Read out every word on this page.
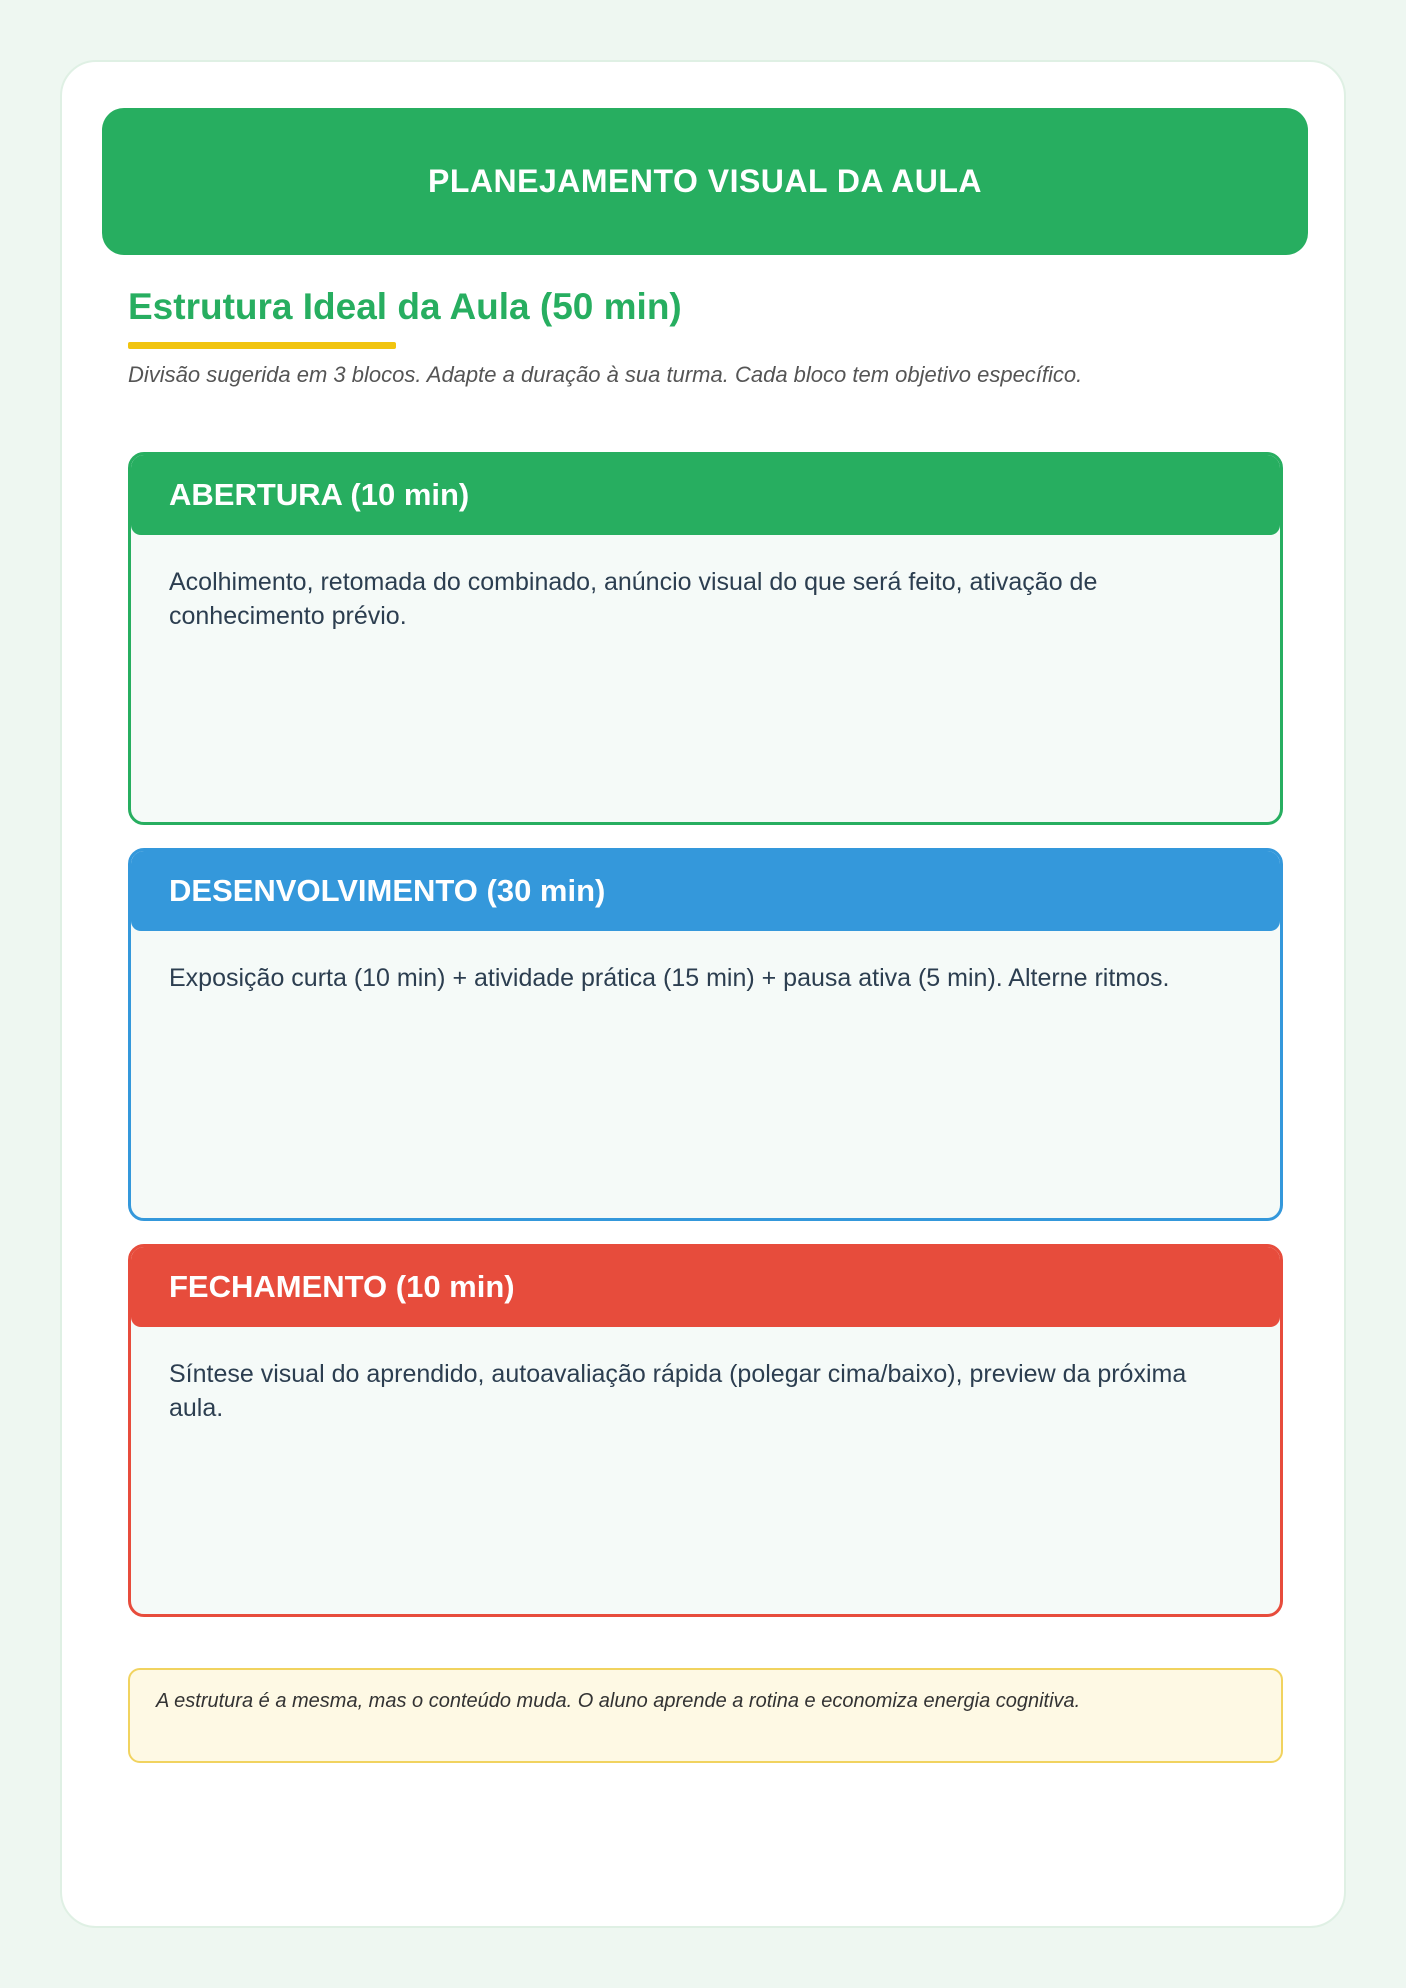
PLANEJAMENTO VISUAL DA AULA
Estrutura Ideal da Aula (50 min)

Divisão sugerida em 3 blocos. Adapte a duração à sua turma. Cada bloco tem objetivo específico.

ABERTURA (10 min)
Acolhimento, retomada do combinado, anúncio visual do que será feito, ativação de conhecimento prévio.
DESENVOLVIMENTO (30 min)
Exposição curta (10 min) + atividade prática (15 min) + pausa ativa (5 min). Alterne ritmos.
FECHAMENTO (10 min)
Síntese visual do aprendido, autoavaliação rápida (polegar cima/baixo), preview da próxima aula.
A estrutura é a mesma, mas o conteúdo muda. O aluno aprende a rotina e economiza energia cognitiva.
